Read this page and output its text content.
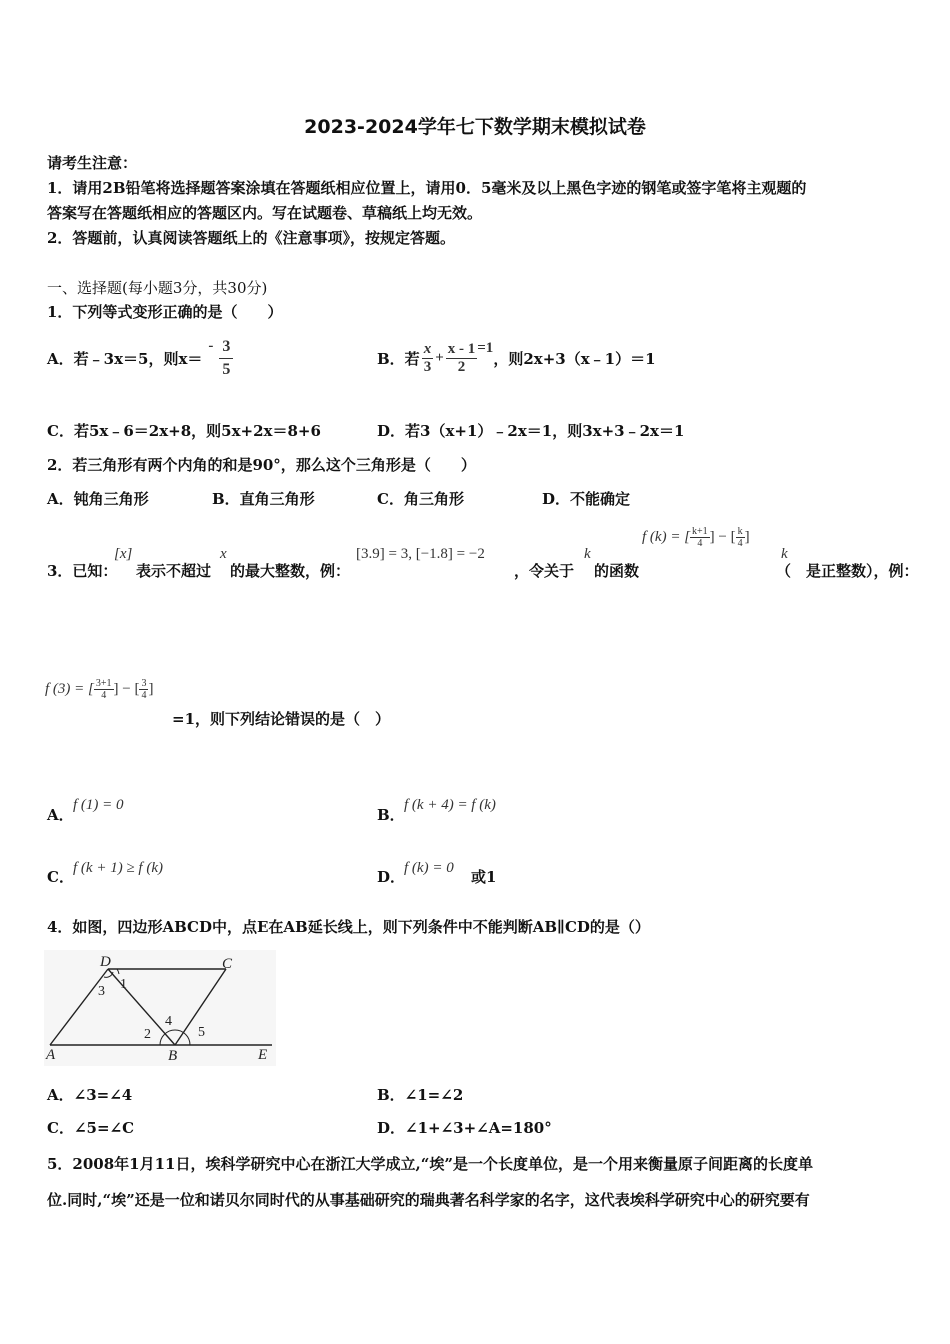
2023-2024学年七下数学期末模拟试卷
请考生注意：
1．请用2B铅笔将选择题答案涂填在答题纸相应位置上，请用0．5毫米及以上黑色字迹的钢笔或签字笔将主观题的
答案写在答题纸相应的答题区内。写在试题卷、草稿纸上均无效。
2．答题前，认真阅读答题纸上的《注意事项》，按规定答题。
一、选择题(每小题3分，共30分)
1．下列等式变形正确的是（　　）
A．若﹣3x＝5，则x＝
- $\frac{3}{5}$	B．若 $\frac{x}{3} + \frac{x - 1}{2} =1$
，则2x+3（x﹣1）＝1
C．若5x﹣6＝2x+8，则5x+2x＝8+6	D．若3（x+1）﹣2x＝1，则3x+3﹣2x＝1
2．若三角形有两个内角的和是90°，那么这个三角形是（　　）
A．钝角三角形	B．直角三角形	C．角三角形	D．不能确定
3．已知：
[x]
表示不超过
x
的最大整数，例：
[3.9] = 3, [−1.8] = −2
，令关于
k
的函数
f (k) = [ $\frac{k+1}{4}$ ] − [ $\frac{k}{4}$ ]
k
（　是正整数），例：
f (3) = [ $\frac{3+1}{4}$ ] − [ $\frac{3}{4}$ ]
=1，则下列结论错误的是（　）
A．
f (1) = 0
B．
f (k + 4) = f (k)
C． f (k + 1) ≥ f (k)	D．
f (k) = 0 或1
4．如图，四边形ABCD中，点E在AB延长线上，则下列条件中不能判断AB∥CD的是（）
D	C
A	B	E
1
2
3
4
5
A．∠3=∠4	B．∠1=∠2
C．∠5=∠C	D．∠1+∠3+∠A=180°
5．2008年1月11日，埃科学研究中心在浙江大学成立,“埃”是一个长度单位，是一个用来衡量原子间距离的长度单
位.同时,“埃”还是一位和诺贝尔同时代的从事基础研究的瑞典著名科学家的名字，这代表埃科学研究中心的研究要有
